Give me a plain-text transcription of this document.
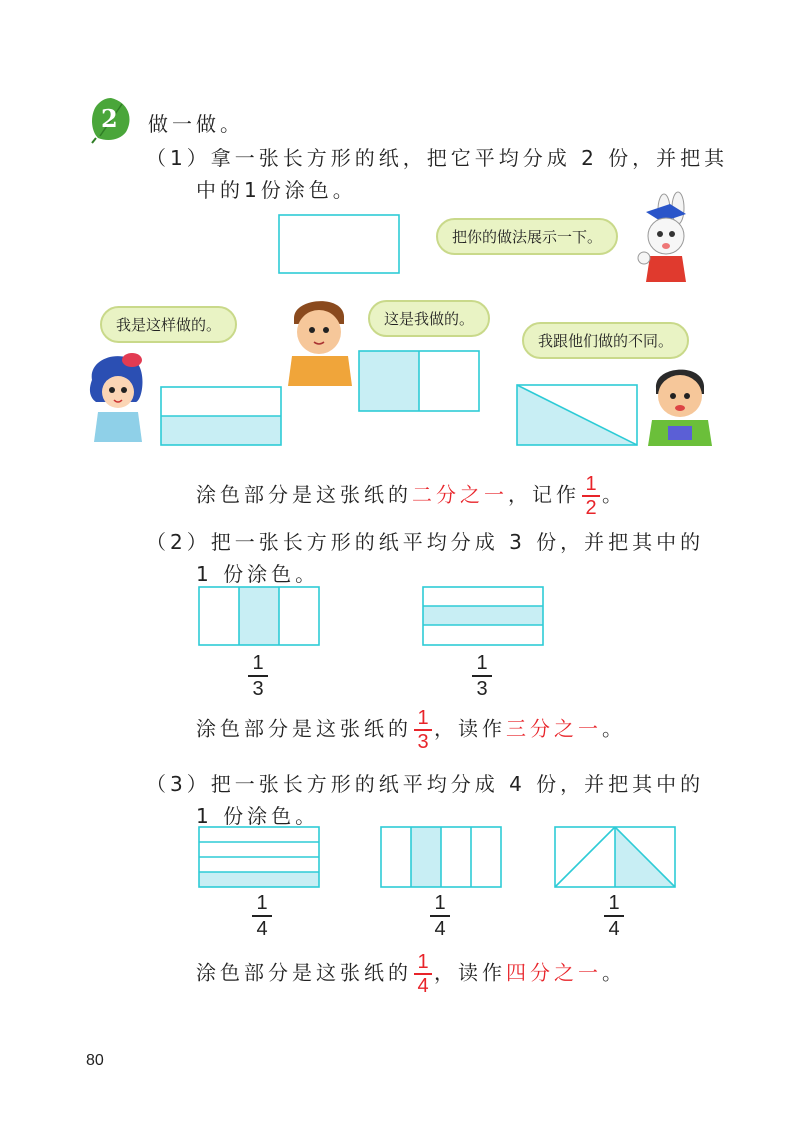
2 做一做。
（1）拿一张长方形的纸，把它平均分成 2 份，并把其
中的1份涂色。
把你的做法展示一下。
我是这样做的。	这是我做的。
我跟他们做的不同。
涂色部分是这张纸的二分之一，记作 $\frac{1}{2}$ 。
（2）把一张长方形的纸平均分成 3 份，并把其中的
1 份涂色。
1
3
1
3
涂色部分是这张纸的 $\frac{1}{3}$ ，读作三分之一。
（3）把一张长方形的纸平均分成 4 份，并把其中的
1 份涂色。
1
4
1
4
1
4
涂色部分是这张纸的 $\frac{1}{4}$ ，读作四分之一。
80
